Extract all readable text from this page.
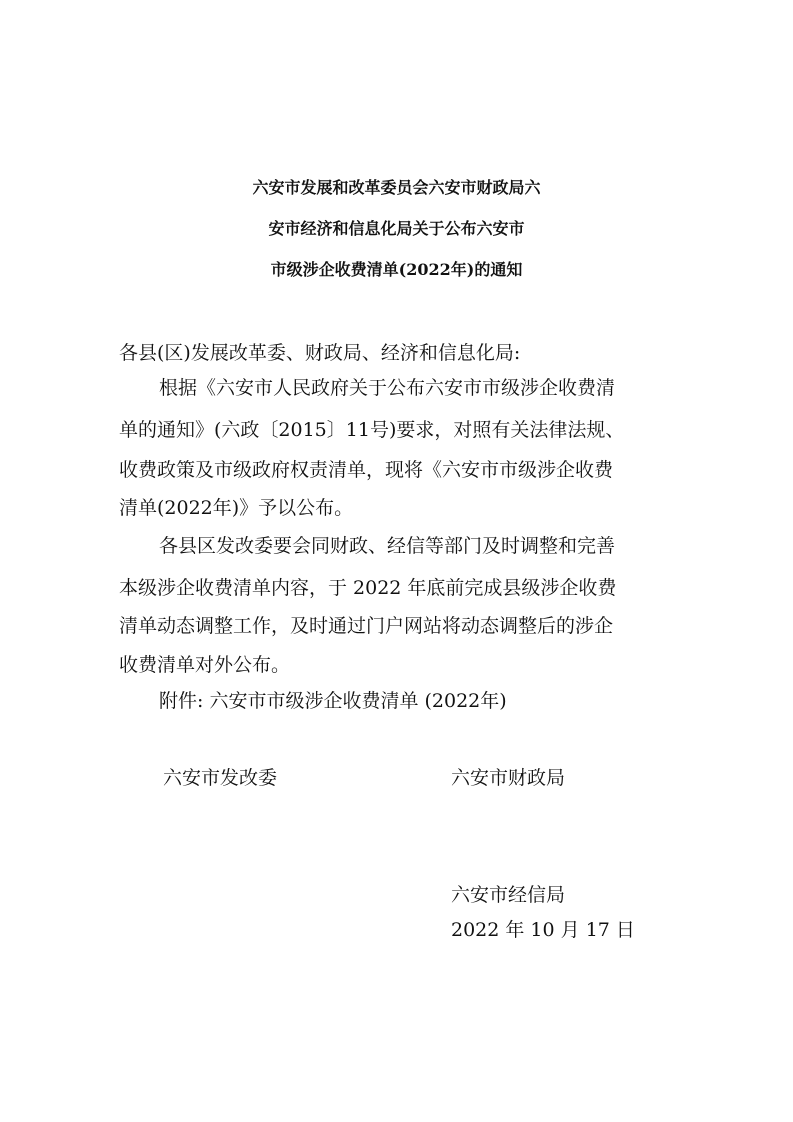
六安市发展和改革委员会六安市财政局六
安市经济和信息化局关于公布六安市
市级涉企收费清单(2022年)的通知
各县(区)发展改革委、财政局、经济和信息化局:
根据《六安市人民政府关于公布六安市市级涉企收费清
单的通知》(六政〔2015〕11号)要求，对照有关法律法规、
收费政策及市级政府权责清单，现将《六安市市级涉企收费
清单(2022年)》予以公布。
各县区发改委要会同财政、经信等部门及时调整和完善
本级涉企收费清单内容，于 2022 年底前完成县级涉企收费
清单动态调整工作，及时通过门户网站将动态调整后的涉企
收费清单对外公布。
附件: 六安市市级涉企收费清单 (2022年)
六安市发改委	六安市财政局
六安市经信局
2022 年 10 月 17 日
